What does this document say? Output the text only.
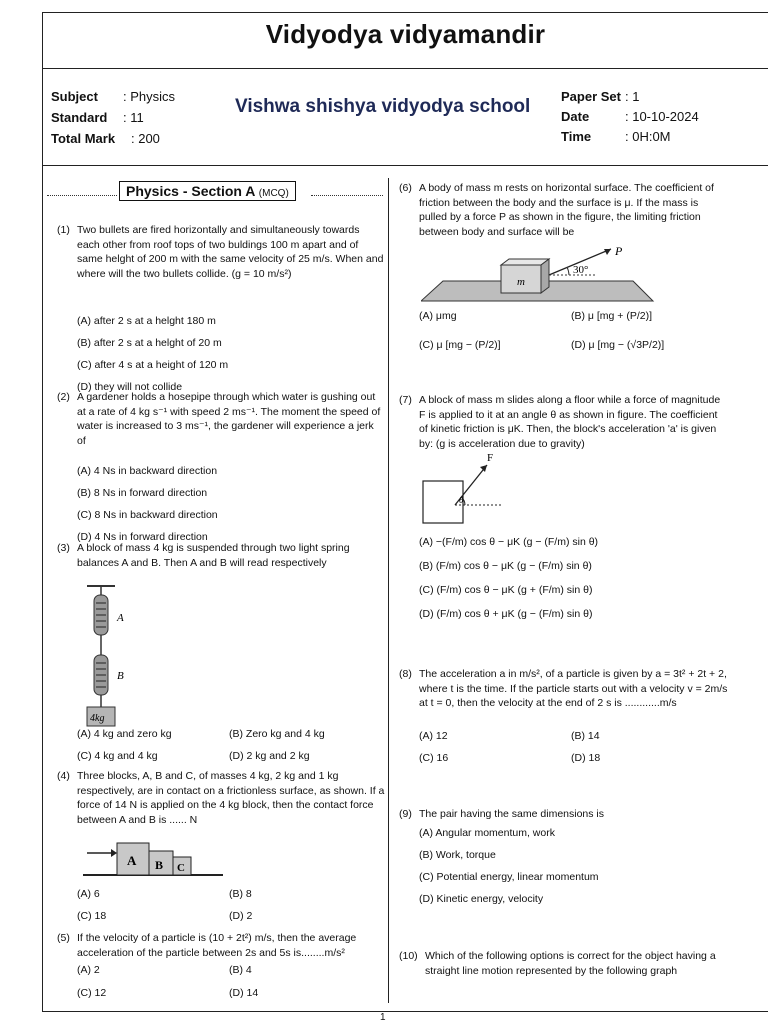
Vidyodya vidyamandir
Subject : Physics
Standard : 11
Total Mark : 200
Vishwa shishya vidyodya school Paper Set : 1
Date	: 10-10-2024
Time	: 0H:0M
Physics - Section A (MCQ)
(1) Two bullets are fired horizontally and simultaneously towards each other from roof tops of two buldings 100 m apart and of same helght of 200 m with the same velocity of 25 m/s. When and where will the two bullets collide. (g = 10 m/s²)
(A) after 2 s at a helght 180 m
(B) after 2 s at a helght of 20 m
(C) after 4 s at a height of 120 m
(D) they will not collide
(2) A gardener holds a hosepipe through which water is gushing out at a rate of 4 kg s⁻¹ with speed 2 ms⁻¹. The moment the speed of water is increased to 3 ms⁻¹, the gardener will experience a jerk of
(A) 4 Ns in backward direction
(B) 8 Ns in forward direction
(C) 8 Ns in backward direction
(D) 4 Ns in forward direction
(3) A block of mass 4 kg is suspended through two light spring balances A and B. Then A and B will read respectively
A
B
4kg
(A) 4 kg and zero kg	(B) Zero kg and 4 kg
(C) 4 kg and 4 kg	(D) 2 kg and 2 kg
(4) Three blocks, A, B and C, of masses 4 kg, 2 kg and 1 kg respectively, are in contact on a frictionless surface, as shown. If a force of 14 N is applied on the 4 kg block, then the contact force between A and B is ...... N
A B C
(A) 6	(B) 8
(C) 18	(D) 2
(5) If the velocity of a particle is (10 + 2t²) m/s, then the average acceleration of the particle between 2s and 5s is........m/s²
(A) 2	(B) 4
(C) 12	(D) 14
(6) A body of mass m rests on horizontal surface. The coefficient of friction between the body and the surface is μ. If the mass is pulled by a force P as shown in the figure, the limiting friction between body and surface will be
m
P
30°
(A) μmg	(B) μ [mg + (P/2)]
(C) μ [mg − (P/2)]	(D) μ [mg − (√3P/2)]
(7) A block of mass m slides along a floor while a force of magnitude F is applied to it at an angle θ as shown in figure. The coefficient of kinetic friction is μK. Then, the block's acceleration 'a' is given by: (g is acceleration due to gravity)
F
θ
(A) −(F/m) cos θ − μK (g − (F/m) sin θ)
(B) (F/m) cos θ − μK (g − (F/m) sin θ)
(C) (F/m) cos θ − μK (g + (F/m) sin θ)
(D) (F/m) cos θ + μK (g − (F/m) sin θ)
(8) The acceleration a in m/s², of a particle is given by a = 3t² + 2t + 2, where t is the time. If the particle starts out with a velocity v = 2m/s at t = 0, then the velocity at the end of 2 s is ............m/s
(A) 12	(B) 14
(C) 16	(D) 18
(9) The pair having the same dimensions is
(A) Angular momentum, work
(B) Work, torque
(C) Potential energy, linear momentum
(D) Kinetic energy, velocity
(10) Which of the following options is correct for the object having a straight line motion represented by the following graph
1
